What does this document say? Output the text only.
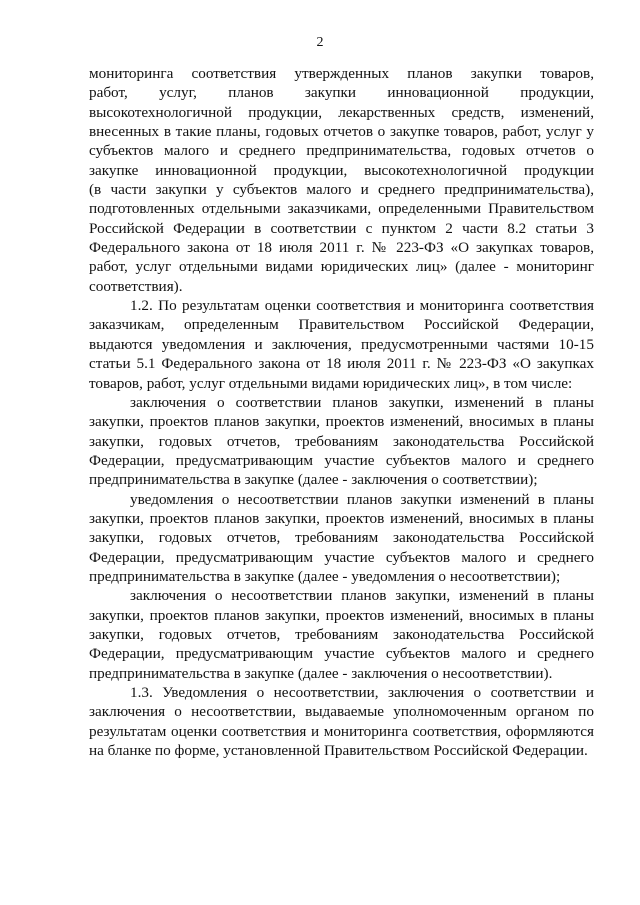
2
мониторинга соответствия утвержденных планов закупки товаров,
работ, услуг, планов закупки инновационной продукции,
высокотехнологичной продукции, лекарственных средств, изменений,
внесенных в такие планы, годовых отчетов о закупке товаров, работ, услуг у
субъектов малого и среднего предпринимательства, годовых отчетов о
закупке инновационной продукции, высокотехнологичной продукции
(в части закупки у субъектов малого и среднего предпринимательства),
подготовленных отдельными заказчиками, определенными Правительством
Российской Федерации в соответствии с пунктом 2 части 8.2 статьи 3
Федерального закона от 18 июля 2011 г. № 223-ФЗ «О закупках товаров,
работ, услуг отдельными видами юридических лиц» (далее - мониторинг
соответствия).
1.2. По результатам оценки соответствия и мониторинга соответствия
заказчикам, определенным Правительством Российской Федерации,
выдаются уведомления и заключения, предусмотренными частями 10-15
статьи 5.1 Федерального закона от 18 июля 2011 г. № 223-ФЗ «О закупках
товаров, работ, услуг отдельными видами юридических лиц», в том числе:
заключения о соответствии планов закупки, изменений в планы
закупки, проектов планов закупки, проектов изменений, вносимых в планы
закупки, годовых отчетов, требованиям законодательства Российской
Федерации, предусматривающим участие субъектов малого и среднего
предпринимательства в закупке (далее - заключения о соответствии);
уведомления о несоответствии планов закупки изменений в планы
закупки, проектов планов закупки, проектов изменений, вносимых в планы
закупки, годовых отчетов, требованиям законодательства Российской
Федерации, предусматривающим участие субъектов малого и среднего
предпринимательства в закупке (далее - уведомления о несоответствии);
заключения о несоответствии планов закупки, изменений в планы
закупки, проектов планов закупки, проектов изменений, вносимых в планы
закупки, годовых отчетов, требованиям законодательства Российской
Федерации, предусматривающим участие субъектов малого и среднего
предпринимательства в закупке (далее - заключения о несоответствии).
1.3. Уведомления о несоответствии, заключения о соответствии и
заключения о несоответствии, выдаваемые уполномоченным органом по
результатам оценки соответствия и мониторинга соответствия, оформляются
на бланке по форме, установленной Правительством Российской Федерации.
